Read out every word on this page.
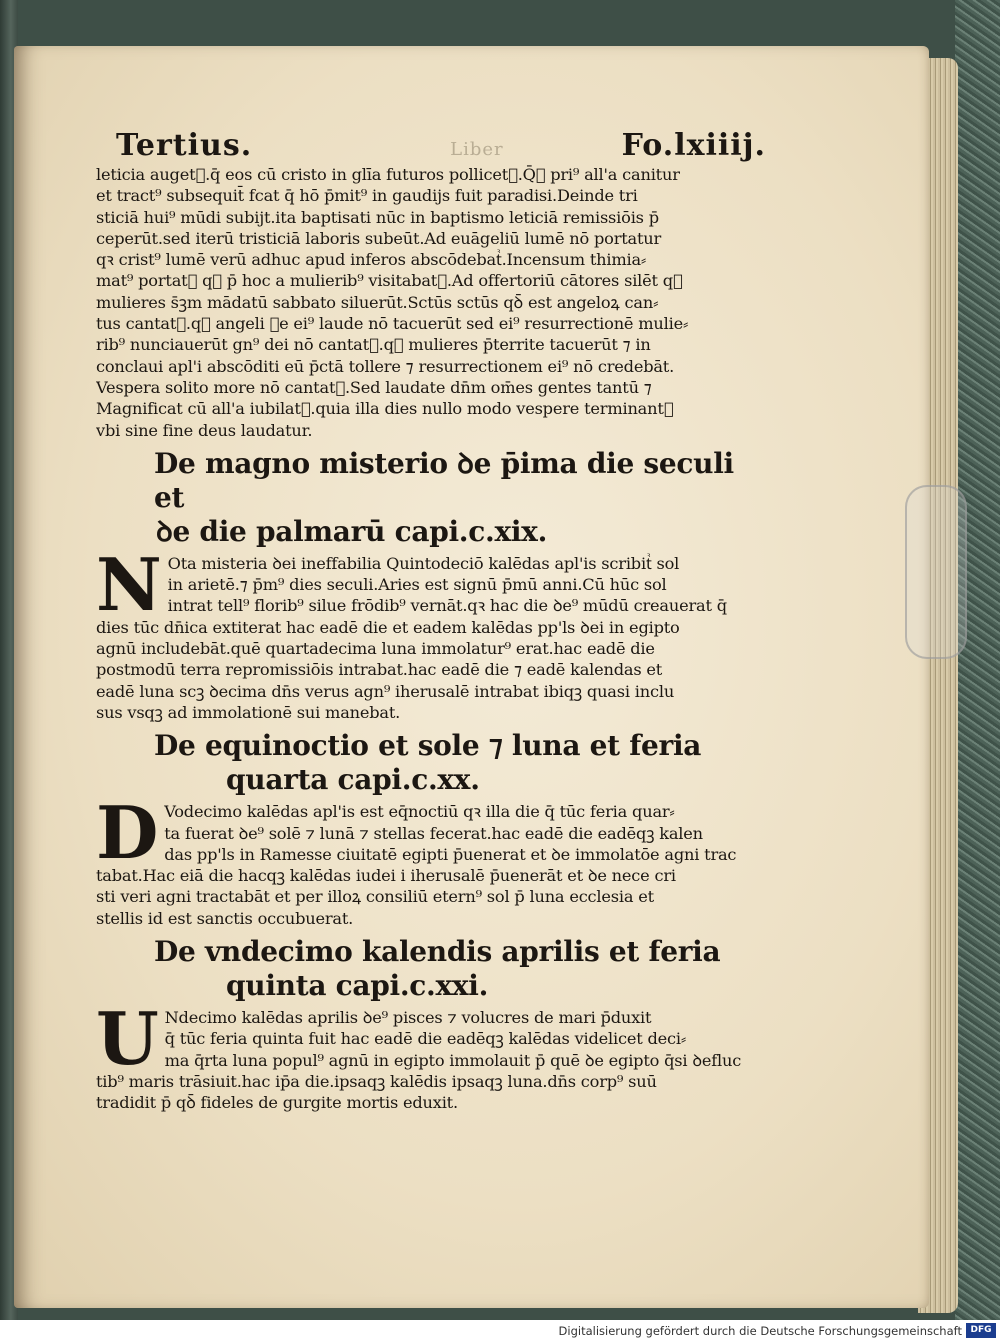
Tertius.	Liber	Fo.lxiiij.

leticia augetᷣ.q̄ eos cū cristo in glīa futuros pollicetᷣ.Q̄ꝺ pri⁹ all'a canitur
et tract⁹ subsequit̄ fcat q̄ hō p̄mit⁹ in gaudijs fuit paradisi.Deinde tri
sticiā hui⁹ mūdi subijt.ita baptisati nūc in baptismo leticiā remissiōis p̄
ceperūt.sed iterū tristiciā laboris subeūt.Ad euāgeliū lumē nō portatur
qꝛ crist⁹ lumē verū adhuc apud inferos abscōdebatᷣ.Incensum thimia⸗
mat⁹ portatᷣ qꝛ p̄ hoc a mulierib⁹ visitabatᷣ.Ad offertoriū cātores silēt qꝛ
mulieres s̄ꝫm mādatū sabbato siluerūt.Sctūs sctūs qꝺ̄ est angeloꝝ can⸗
tus cantatᷣ.qꝛ angeli ꝺe ei⁹ laude nō tacuerūt sed ei⁹ resurrectionē mulie⸗
rib⁹ nunciauerūt gn⁹ dei nō cantatᷣ.qꝛ mulieres p̄territe tacuerūt ⁊ in
conclaui apl'i abscōditi eū p̄ctā tollere ⁊ resurrectionem ei⁹ nō credebāt.
Vespera solito more nō cantatᷣ.Sed laudate dn̄m om̄es gentes tantū ⁊
Magnificat cū all'a iubilatᷣ.quia illa dies nullo modo vespere terminantᷣ
vbi sine fine deus laudatur.

De magno misterio ꝺe p̄ima die seculi et
ꝺe die palmarū capi.c.xix.

N Ota misteria ꝺei ineffabilia Quintodeciō kalēdas apl'is scribitᷣ sol
in arietē.⁊ p̄m⁹ dies seculi.Aries est signū p̄mū anni.Cū hūc sol
intrat tell⁹ florib⁹ silue frōdib⁹ vernāt.qꝛ hac die ꝺe⁹ mūdū creauerat q̄
dies tūc dn̄ica extiterat hac eadē die et eadem kalēdas pp'ls ꝺei in egipto
agnū includebāt.quē quartadecima luna immolatur⁹ erat.hac eadē die
postmodū terra repromissiōis intrabat.hac eadē die ⁊ eadē kalendas et
eadē luna scꝫ ꝺecima dn̄s verus agn⁹ iherusalē intrabat ibiqꝫ quasi inclu
sus vsqꝫ ad immolationē sui manebat.

De equinoctio et sole ⁊ luna et feria
quarta capi.c.xx.

D Vodecimo kalēdas apl'is est eq̄noctiū qꝛ illa die q̄ tūc feria quar⸗
ta fuerat ꝺe⁹ solē ⁊ lunā ⁊ stellas fecerat.hac eadē die eadēqꝫ kalen
das pp'ls in Ramesse ciuitatē egipti p̄uenerat et ꝺe immolatōe agni trac
tabat.Hac eiā die hacqꝫ kalēdas iudei i iherusalē p̄uenerāt et ꝺe nece cri
sti veri agni tractabāt et per illoꝝ consiliū etern⁹ sol p̄ luna ecclesia et
stellis id est sanctis occubuerat.

De vndecimo kalendis aprilis et feria
quinta capi.c.xxi.

U Ndecimo kalēdas aprilis ꝺe⁹ pisces ⁊ volucres de mari p̄duxit
q̄ tūc feria quinta fuit hac eadē die eadēqꝫ kalēdas videlicet deci⸗
ma q̄rta luna popul⁹ agnū in egipto immolauit p̄ quē ꝺe egipto q̄si ꝺefluc
tib⁹ maris trāsiuit.hac ip̄a die.ipsaqꝫ kalēdis ipsaqꝫ luna.dn̄s corp⁹ suū
tradidit p̄ qꝺ̄ fideles de gurgite mortis eduxit.

Digitalisierung gefördert durch die Deutsche Forschungsgemeinschaft DFG
